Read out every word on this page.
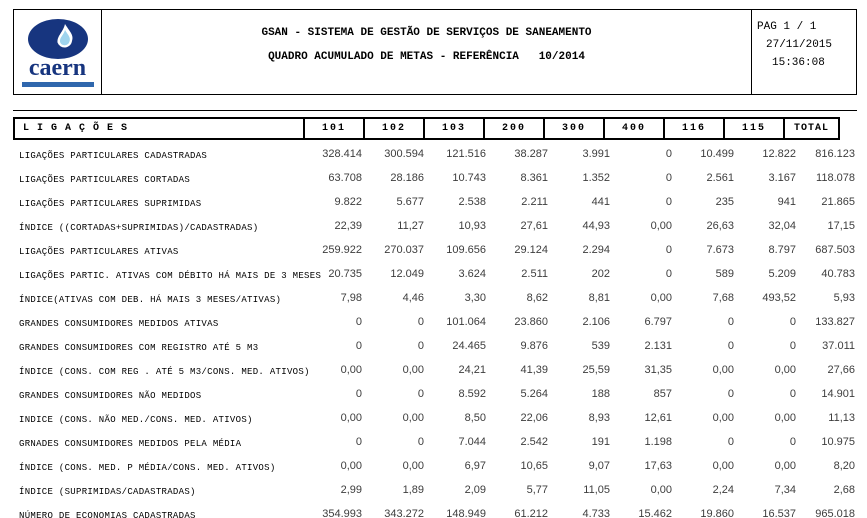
caern
GSAN - SISTEMA DE GESTÃO DE SERVIÇOS DE SANEAMENTO
QUADRO ACUMULADO DE METAS - REFERÊNCIA   10/2014
PAG 1 / 1
27/11/2015
15:36:08
L I G A Ç Õ E S	101	102	103	200	300	400	116	115	TOTAL
LIGAÇÕES PARTICULARES CADASTRADAS	328.414	300.594	121.516	38.287	3.991	0	10.499	12.822	816.123
LIGAÇÕES PARTICULARES CORTADAS	63.708	28.186	10.743	8.361	1.352	0	2.561	3.167	118.078
LIGAÇÕES PARTICULARES SUPRIMIDAS	9.822	5.677	2.538	2.211	441	0	235	941	21.865
ÍNDICE ((CORTADAS+SUPRIMIDAS)/CADASTRADAS)	22,39	11,27	10,93	27,61	44,93	0,00	26,63	32,04	17,15
LIGAÇÕES PARTICULARES ATIVAS	259.922	270.037	109.656	29.124	2.294	0	7.673	8.797	687.503
LIGAÇÕES PARTIC. ATIVAS COM DÉBITO HÁ MAIS DE 3 MESES 20.735	12.049	3.624	2.511	202	0	589	5.209	40.783
ÍNDICE(ATIVAS COM DEB. HÁ MAIS 3 MESES/ATIVAS)	7,98	4,46	3,30	8,62	8,81	0,00	7,68	493,52	5,93
GRANDES CONSUMIDORES MEDIDOS ATIVAS	0	0	101.064	23.860	2.106	6.797	0	0	133.827
GRANDES CONSUMIDORES COM REGISTRO ATÉ 5 M3	0	0	24.465	9.876	539	2.131	0	0	37.011
ÍNDICE (CONS. COM REG . ATÉ 5 M3/CONS. MED. ATIVOS)	0,00	0,00	24,21	41,39	25,59	31,35	0,00	0,00	27,66
GRANDES CONSUMIDORES NÃO MEDIDOS	0	0	8.592	5.264	188	857	0	0	14.901
INDICE (CONS. NÃO MED./CONS. MED. ATIVOS)	0,00	0,00	8,50	22,06	8,93	12,61	0,00	0,00	11,13
GRNADES CONSUMIDORES MEDIDOS PELA MÉDIA	0	0	7.044	2.542	191	1.198	0	0	10.975
ÍNDICE (CONS. MED. P MÉDIA/CONS. MED. ATIVOS)	0,00	0,00	6,97	10,65	9,07	17,63	0,00	0,00	8,20
ÍNDICE (SUPRIMIDAS/CADASTRADAS)	2,99	1,89	2,09	5,77	11,05	0,00	2,24	7,34	2,68
NÚMERO DE ECONOMIAS CADASTRADAS	354.993	343.272	148.949	61.212	4.733	15.462	19.860	16.537	965.018
